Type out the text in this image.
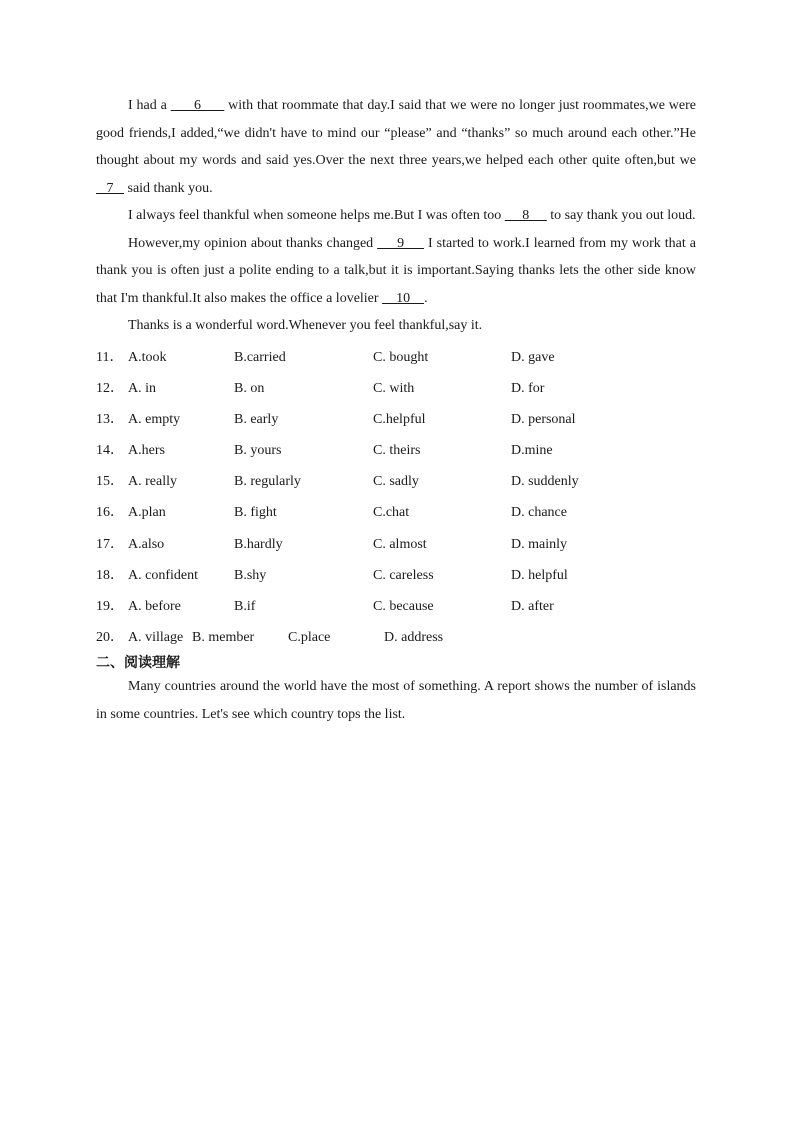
I had a       6       with that roommate that day.I said that we were no longer just roommates,we were good friends,I added,“we didn't have to mind our “please” and “thanks” so much around each other.”He thought about my words and said yes.Over the next three years,we helped each other quite often,but we    7    said thank you.

I always feel thankful when someone helps me.But I was often too      8      to say thank you out loud.

However,my opinion about thanks changed      9      I started to work.I learned from my work that a thank you is often just a polite ending to a talk,but it is important.Saying thanks lets the other side know that I'm thankful.It also makes the office a lovelier     10    .

Thanks is a wonderful word.Whenever you feel thankful,say it.

11． A.took	B.carried	C. bought	D. gave
12． A. in	B. on	C. with	D. for
13． A. empty	B. early	C.helpful	D. personal
14． A.hers	B. yours	C. theirs	D.mine
15． A. really	B. regularly	C. sadly	D. suddenly
16． A.plan	B. fight	C.chat	D. chance
17． A.also	B.hardly	C. almost	D. mainly
18． A. confident	B.shy	C. careless	D. helpful
19． A. before	B.if	C. because	D. after
20． A. village B. member C.place	D. address
二、阅读理解

Many countries around the world have the most of something. A report shows the number of islands in some countries. Let's see which country tops the list.
